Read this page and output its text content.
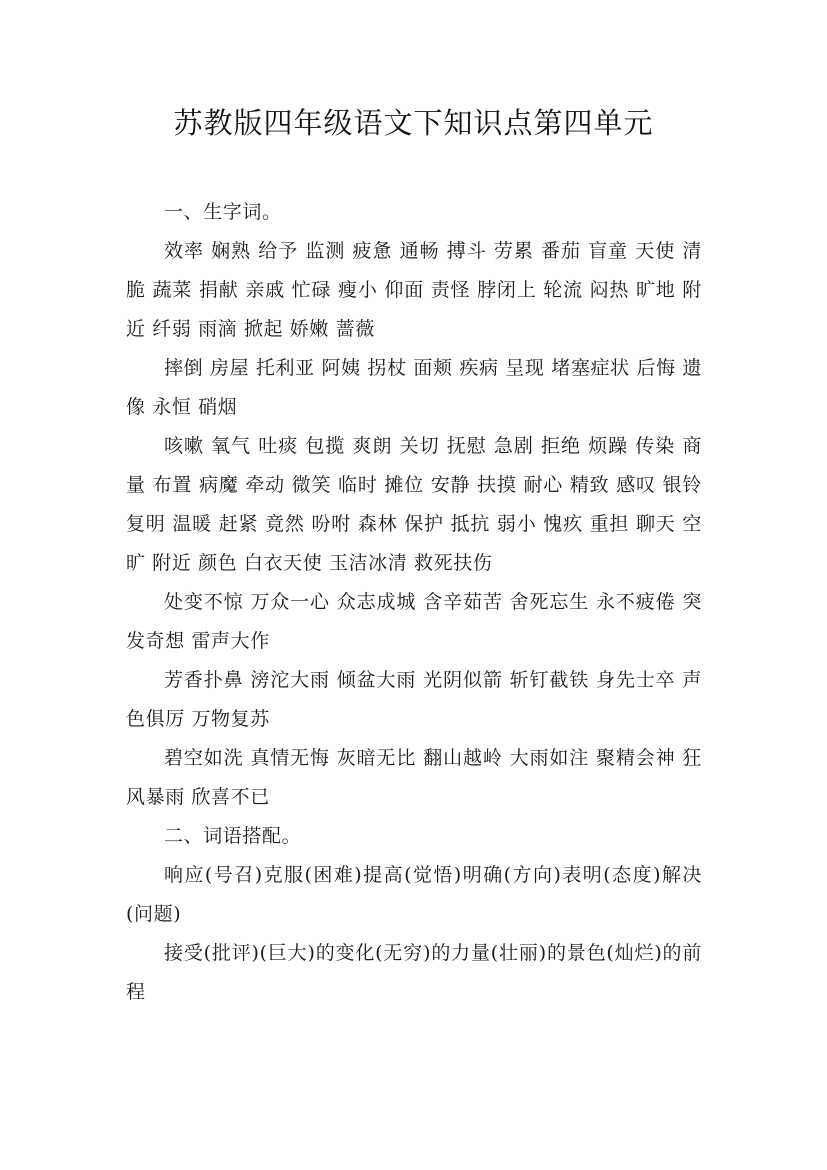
苏教版四年级语文下知识点第四单元

一、生字词。

效率 娴熟 给予 监测 疲惫 通畅 搏斗 劳累 番茄 盲童 天使 清脆 蔬菜 捐献 亲戚 忙碌 瘦小 仰面 责怪 脖闭上 轮流 闷热 旷地 附近 纤弱 雨滴 掀起 娇嫩 蔷薇

摔倒 房屋 托利亚 阿姨 拐杖 面颊 疾病 呈现 堵塞症状 后悔 遗像 永恒 硝烟

咳嗽 氧气 吐痰 包揽 爽朗 关切 抚慰 急剧 拒绝 烦躁 传染 商量 布置 病魔 牵动 微笑 临时 摊位 安静 扶摸 耐心 精致 感叹 银铃 复明 温暖 赶紧 竟然 吩咐 森林 保护 抵抗 弱小 愧疚 重担 聊天 空旷 附近 颜色 白衣天使 玉洁冰清 救死扶伤

处变不惊 万众一心 众志成城 含辛茹苦 舍死忘生 永不疲倦 突发奇想 雷声大作

芳香扑鼻 滂沱大雨 倾盆大雨 光阴似箭 斩钉截铁 身先士卒 声色俱厉 万物复苏

碧空如洗 真情无悔 灰暗无比 翻山越岭 大雨如注 聚精会神 狂风暴雨 欣喜不已

二、词语搭配。

响应(号召)克服(困难)提高(觉悟)明确(方向)表明(态度)解决(问题)

接受(批评)(巨大)的变化(无穷)的力量(壮丽)的景色(灿烂)的前程
